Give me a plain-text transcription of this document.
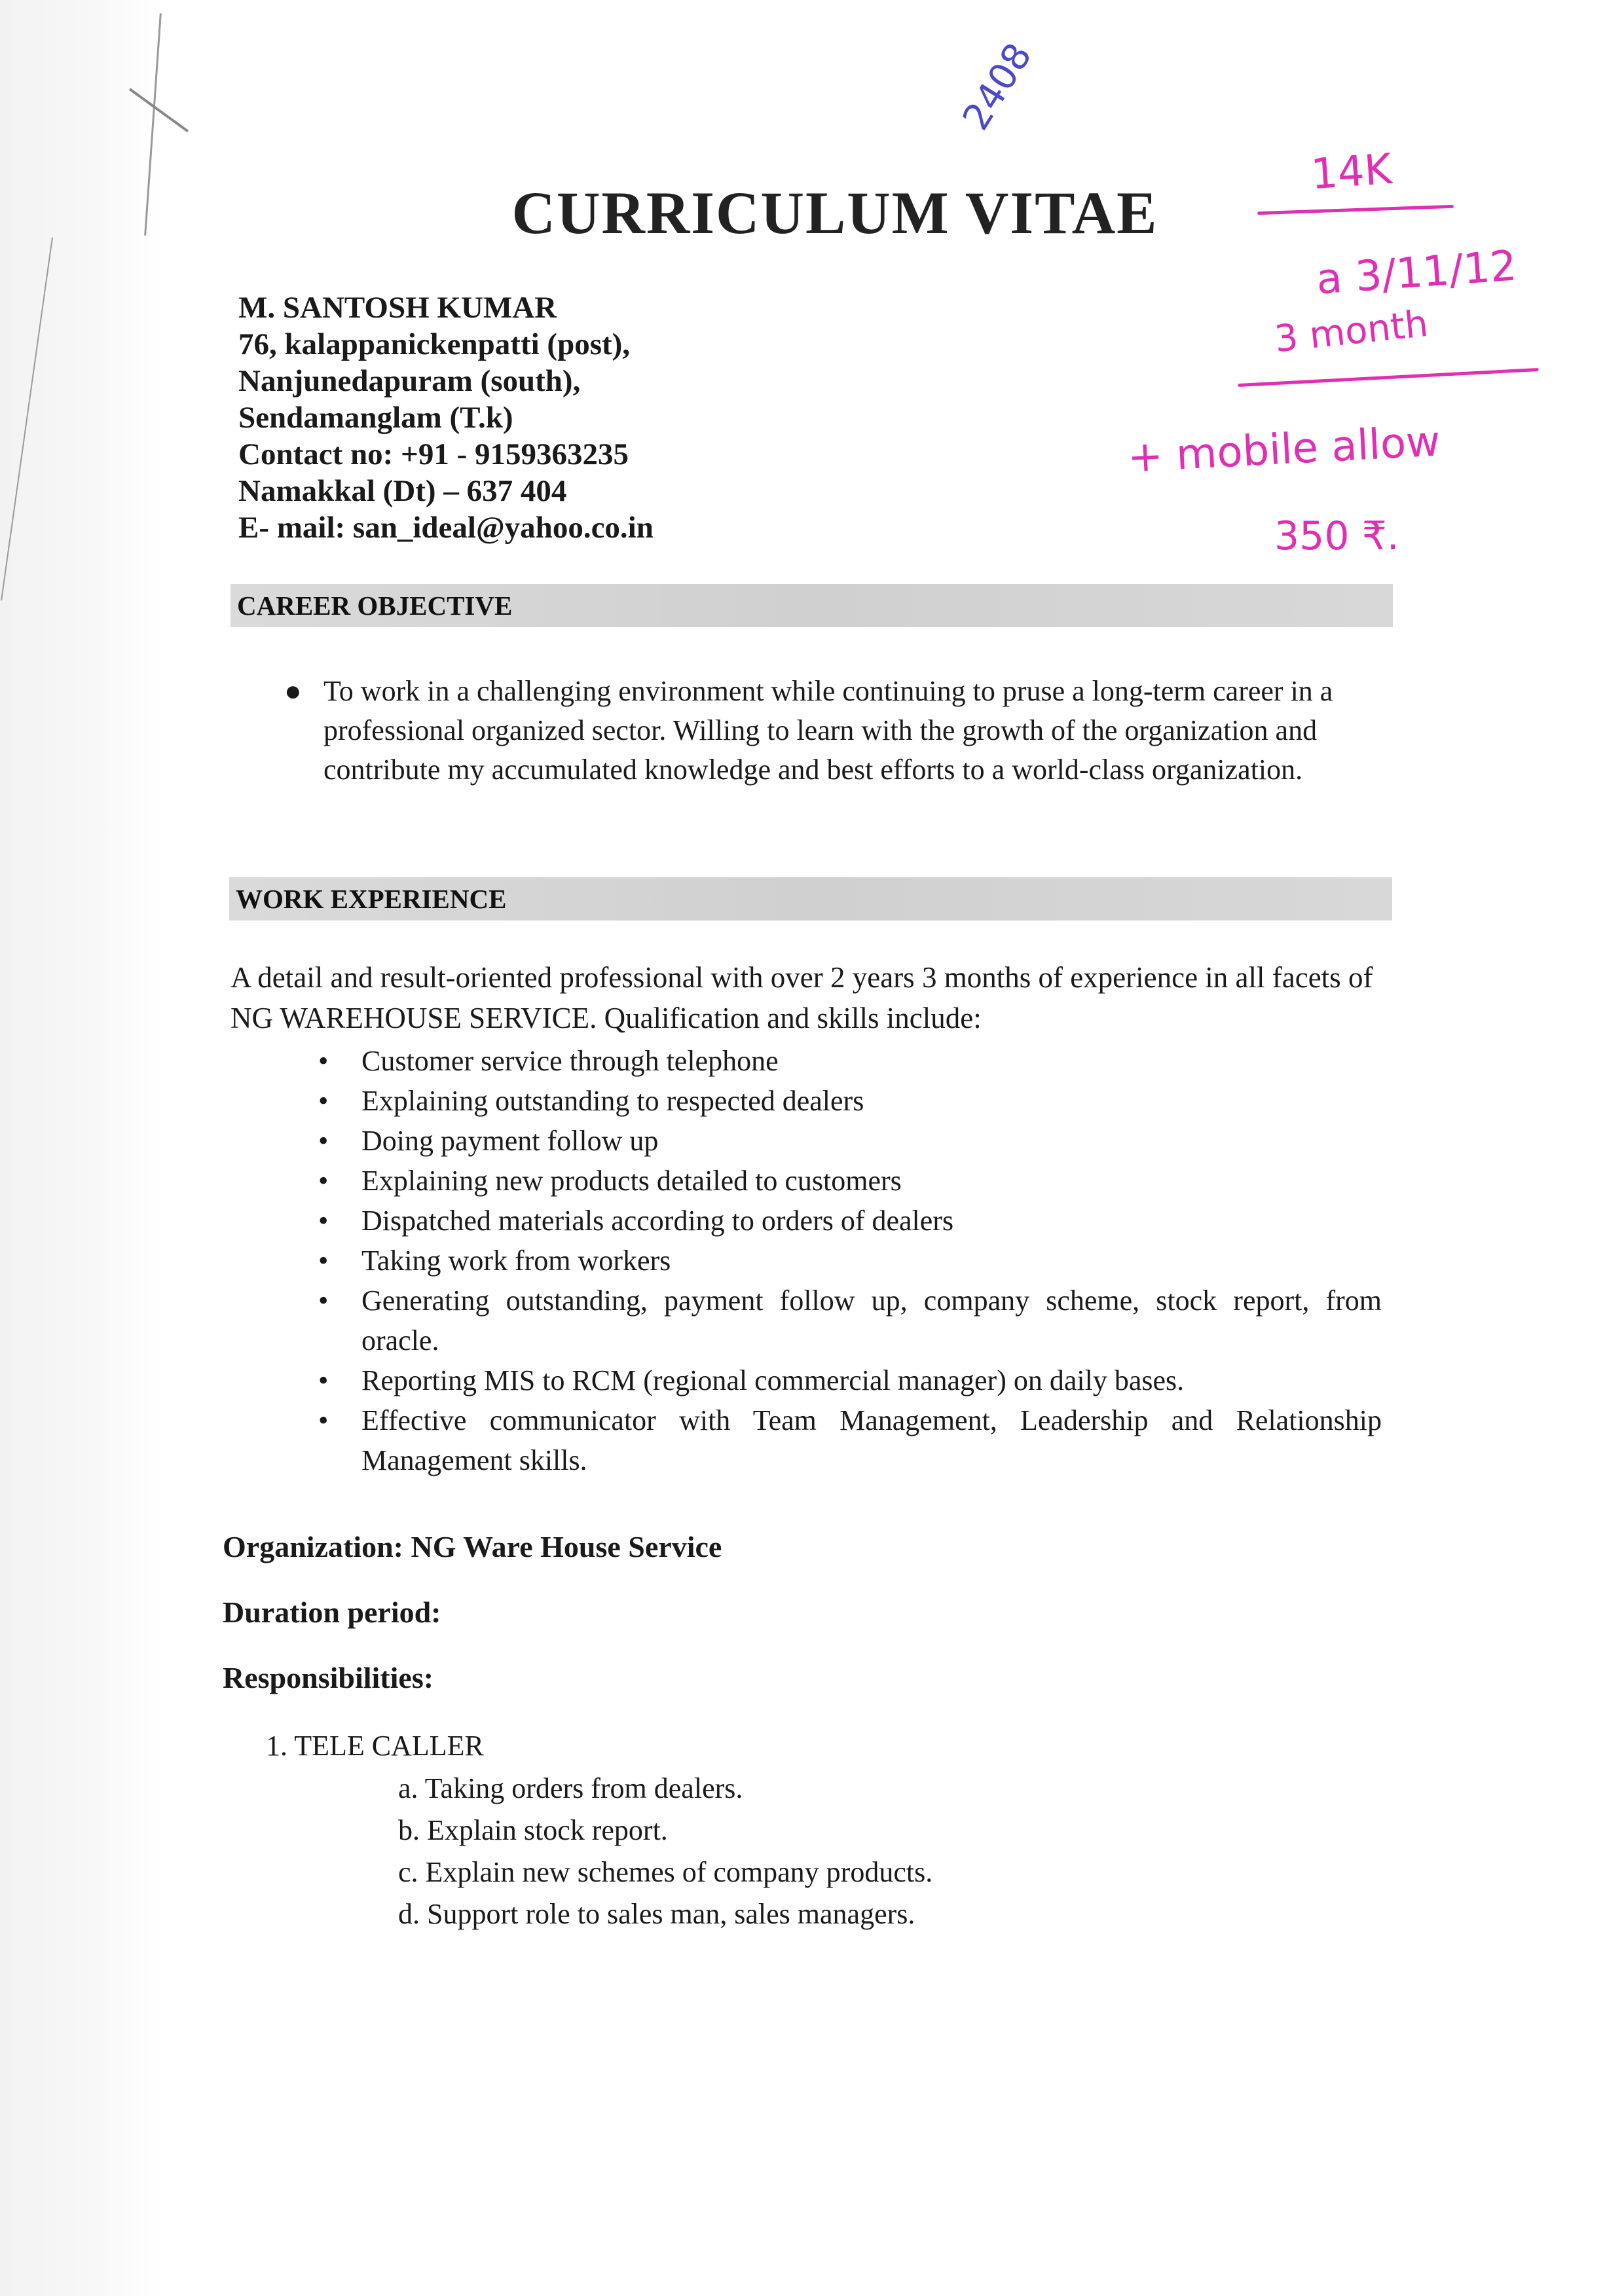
CURRICULUM VITAE
M. SANTOSH KUMAR
76, kalappanickenpatti (post),
Nanjunedapuram (south),
Sendamanglam (T.k)
Contact no: +91 - 9159363235
Namakkal (Dt) – 637 404
E- mail: san_ideal@yahoo.co.in
CAREER OBJECTIVE
● To work in a challenging environment while continuing to pruse a long-term career in a professional organized sector. Willing to learn with the growth of the organization and contribute my accumulated knowledge and best efforts to a world-class organization.
WORK EXPERIENCE
A detail and result-oriented professional with over 2 years 3 months of experience in all facets of NG WAREHOUSE SERVICE. Qualification and skills include:
• Customer service through telephone
• Explaining outstanding to respected dealers
• Doing payment follow up
• Explaining new products detailed to customers
• Dispatched materials according to orders of dealers
• Taking work from workers
• Generating outstanding, payment follow up, company scheme, stock report, from oracle.
• Reporting MIS to RCM (regional commercial manager) on daily bases.
• Effective communicator with Team Management, Leadership and Relationship Management skills.
Organization: NG Ware House Service
Duration period:
Responsibilities:
1. TELE CALLER
a. Taking orders from dealers.
b. Explain stock report.
c. Explain new schemes of company products.
d. Support role to sales man, sales managers.
2408
14K
a 3/11/12
3 month
+ mobile allow
350 ₹.
